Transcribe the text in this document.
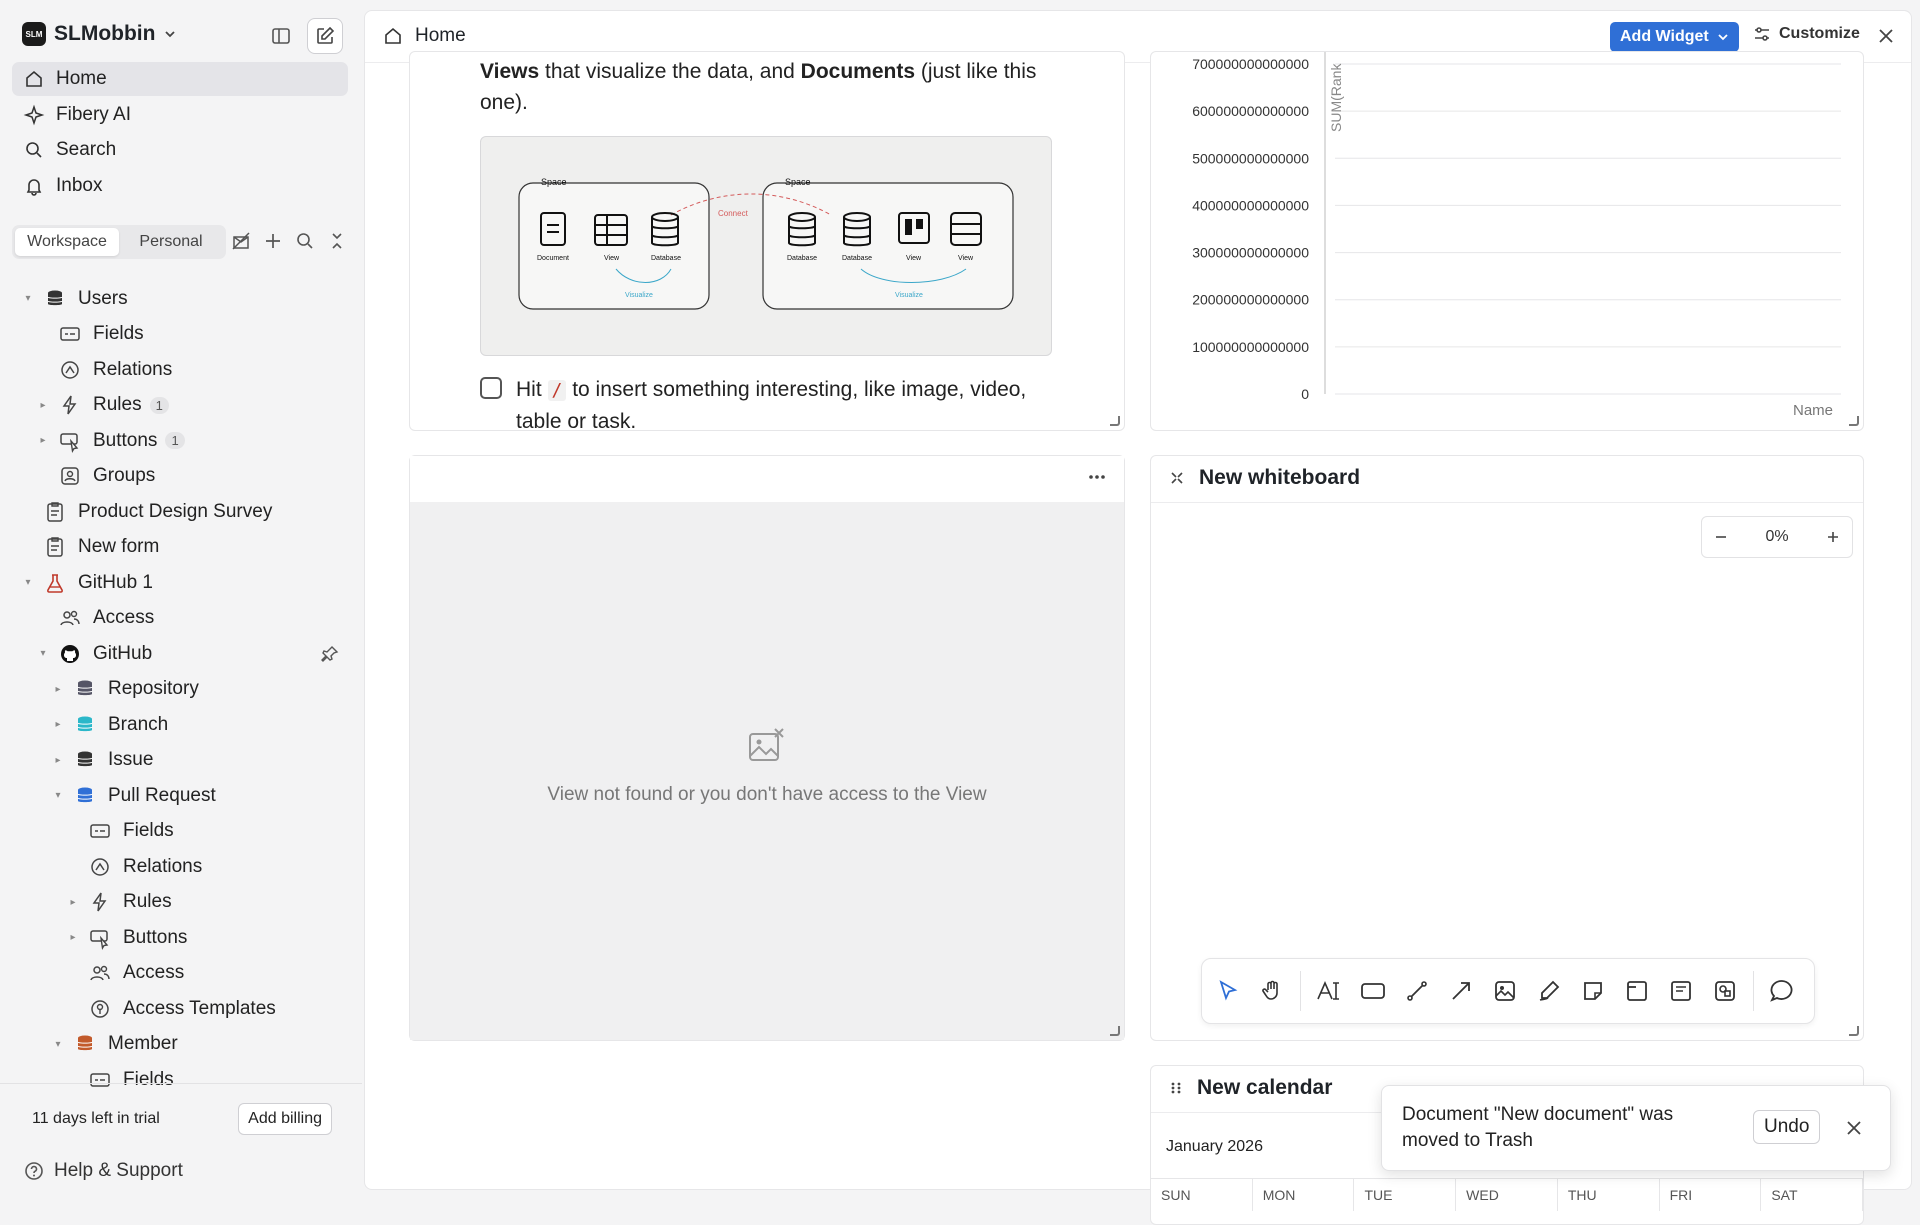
SLM SLMobbin
Home
Fibery AI
Search
Inbox
Workspace	Personal
▾ Users
Fields
Relations
▸ Rules	1
▸ Buttons	1
Groups
Product Design Survey
New form
▾ GitHub 1
Access
▾ GitHub
▸ Repository
▸ Branch
▸ Issue
▾ Pull Request
Fields
Relations
▸ Rules
▸ Buttons
Access
Access Templates
▾ Member
Fields
11 days left in trial	Add billing
Help & Support
Home	Add Widget	Customize
Views that visualize the data, and Documents (just like this one).
Space	Space
Connect
Document	View	Database
Visualize
Database	Database	View	View
Visualize
Hit / to insert something interesting, like image, video, table or task.
700000000000000
600000000000000
500000000000000
400000000000000
300000000000000
200000000000000
100000000000000
0
SUM(Rank
Name
View not found or you don't have access to the View
New whiteboard
0%
New calendar
January 2026
SUN	MON	TUE	WED	THU	FRI	SAT
Document "New document" was moved to Trash
Undo
